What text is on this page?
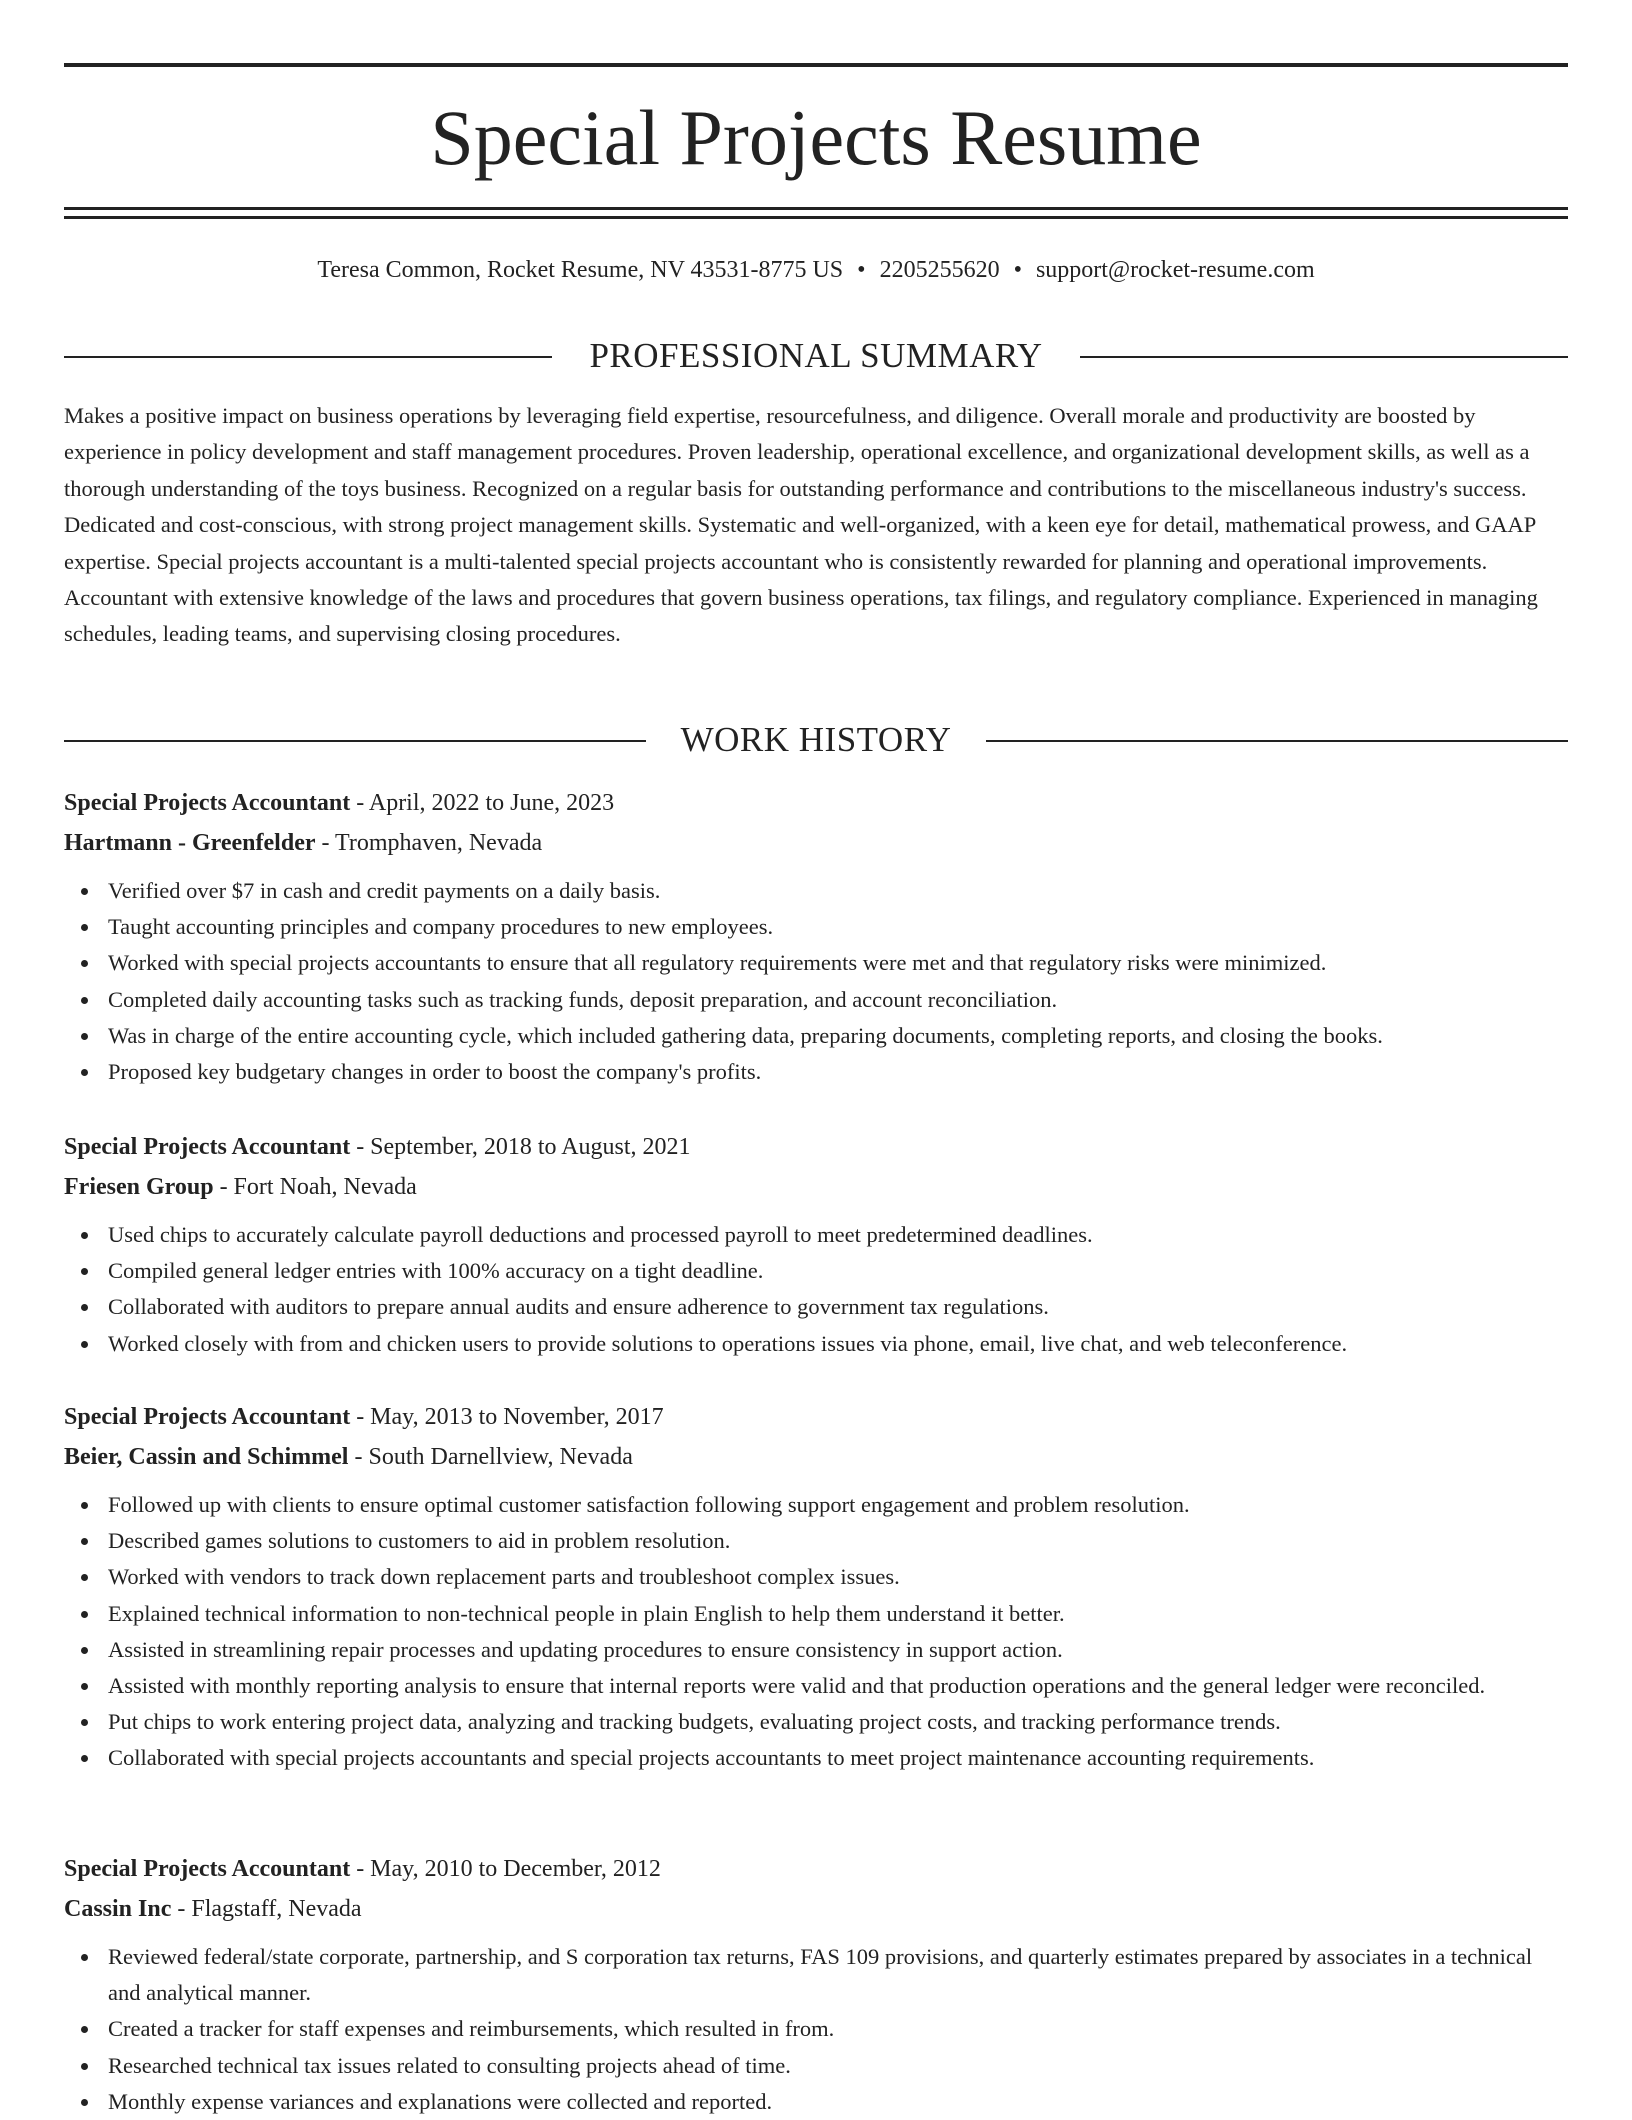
Special Projects Resume
Teresa Common, Rocket Resume, NV 43531-8775 US • 2205255620 • support@rocket-resume.com
PROFESSIONAL SUMMARY

Makes a positive impact on business operations by leveraging field expertise, resourcefulness, and diligence. Overall morale and productivity are boosted by experience in policy development and staff management procedures. Proven leadership, operational excellence, and organizational development skills, as well as a thorough understanding of the toys business. Recognized on a regular basis for outstanding performance and contributions to the miscellaneous industry's success. Dedicated and cost-conscious, with strong project management skills. Systematic and well-organized, with a keen eye for detail, mathematical prowess, and GAAP expertise. Special projects accountant is a multi-talented special projects accountant who is consistently rewarded for planning and operational improvements. Accountant with extensive knowledge of the laws and procedures that govern business operations, tax filings, and regulatory compliance. Experienced in managing schedules, leading teams, and supervising closing procedures.

WORK HISTORY

Special Projects Accountant - April, 2022 to June, 2023

Hartmann - Greenfelder - Tromphaven, Nevada

Verified over $7 in cash and credit payments on a daily basis.
Taught accounting principles and company procedures to new employees.
Worked with special projects accountants to ensure that all regulatory requirements were met and that regulatory risks were minimized.
Completed daily accounting tasks such as tracking funds, deposit preparation, and account reconciliation.
Was in charge of the entire accounting cycle, which included gathering data, preparing documents, completing reports, and closing the books.
Proposed key budgetary changes in order to boost the company's profits.

Special Projects Accountant - September, 2018 to August, 2021

Friesen Group - Fort Noah, Nevada

Used chips to accurately calculate payroll deductions and processed payroll to meet predetermined deadlines.
Compiled general ledger entries with 100% accuracy on a tight deadline.
Collaborated with auditors to prepare annual audits and ensure adherence to government tax regulations.
Worked closely with from and chicken users to provide solutions to operations issues via phone, email, live chat, and web teleconference.

Special Projects Accountant - May, 2013 to November, 2017

Beier, Cassin and Schimmel - South Darnellview, Nevada

Followed up with clients to ensure optimal customer satisfaction following support engagement and problem resolution.
Described games solutions to customers to aid in problem resolution.
Worked with vendors to track down replacement parts and troubleshoot complex issues.
Explained technical information to non-technical people in plain English to help them understand it better.
Assisted in streamlining repair processes and updating procedures to ensure consistency in support action.
Assisted with monthly reporting analysis to ensure that internal reports were valid and that production operations and the general ledger were reconciled.
Put chips to work entering project data, analyzing and tracking budgets, evaluating project costs, and tracking performance trends.
Collaborated with special projects accountants and special projects accountants to meet project maintenance accounting requirements.

Special Projects Accountant - May, 2010 to December, 2012

Cassin Inc - Flagstaff, Nevada

Reviewed federal/state corporate, partnership, and S corporation tax returns, FAS 109 provisions, and quarterly estimates prepared by associates in a technical and analytical manner.
Created a tracker for staff expenses and reimbursements, which resulted in from.
Researched technical tax issues related to consulting projects ahead of time.
Monthly expense variances and explanations were collected and reported.
